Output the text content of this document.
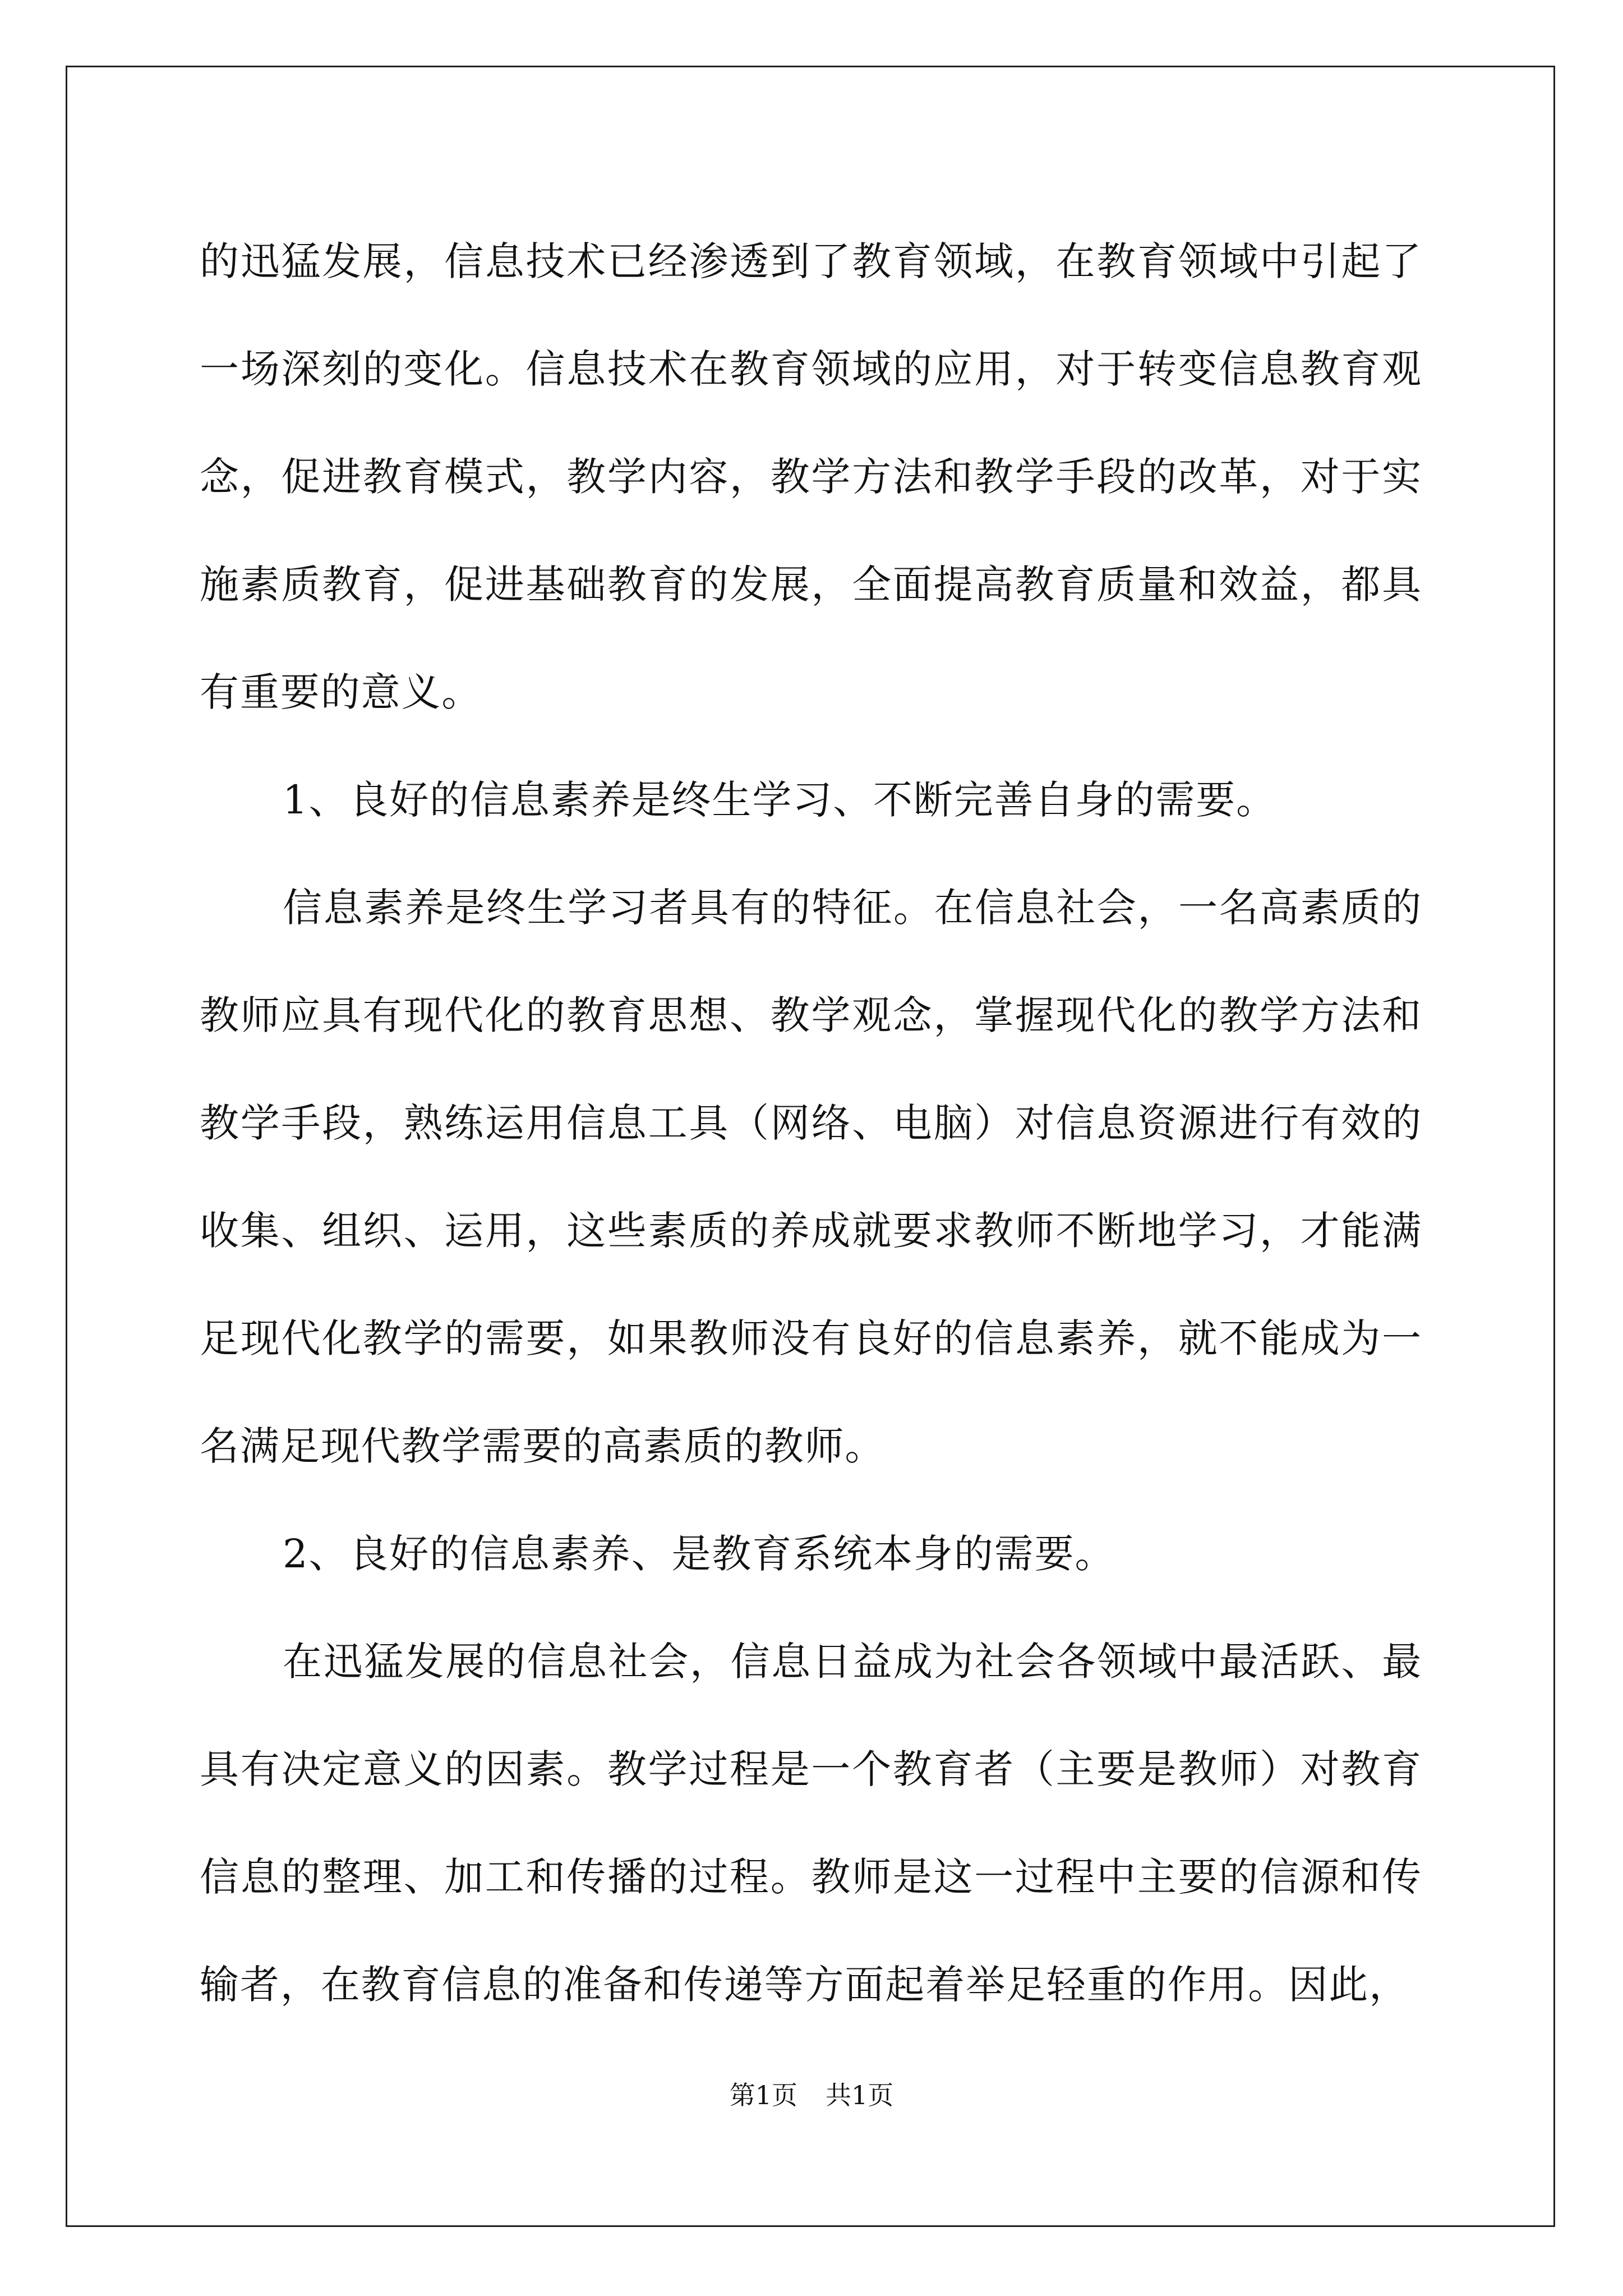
的迅猛发展，信息技术已经渗透到了教育领域，在教育领域中引起了一场深刻的变化。信息技术在教育领域的应用，对于转变信息教育观念，促进教育模式，教学内容，教学方法和教学手段的改革，对于实施素质教育，促进基础教育的发展，全面提高教育质量和效益，都具有重要的意义。

1、良好的信息素养是终生学习、不断完善自身的需要。

信息素养是终生学习者具有的特征。在信息社会，一名高素质的教师应具有现代化的教育思想、教学观念，掌握现代化的教学方法和教学手段，熟练运用信息工具（网络、电脑）对信息资源进行有效的收集、组织、运用，这些素质的养成就要求教师不断地学习，才能满足现代化教学的需要，如果教师没有良好的信息素养，就不能成为一名满足现代教学需要的高素质的教师。

2、良好的信息素养、是教育系统本身的需要。

在迅猛发展的信息社会，信息日益成为社会各领域中最活跃、最具有决定意义的因素。教学过程是一个教育者（主要是教师）对教育信息的整理、加工和传播的过程。教师是这一过程中主要的信源和传输者，在教育信息的准备和传递等方面起着举足轻重的作用。因此，

第1页 共1页
